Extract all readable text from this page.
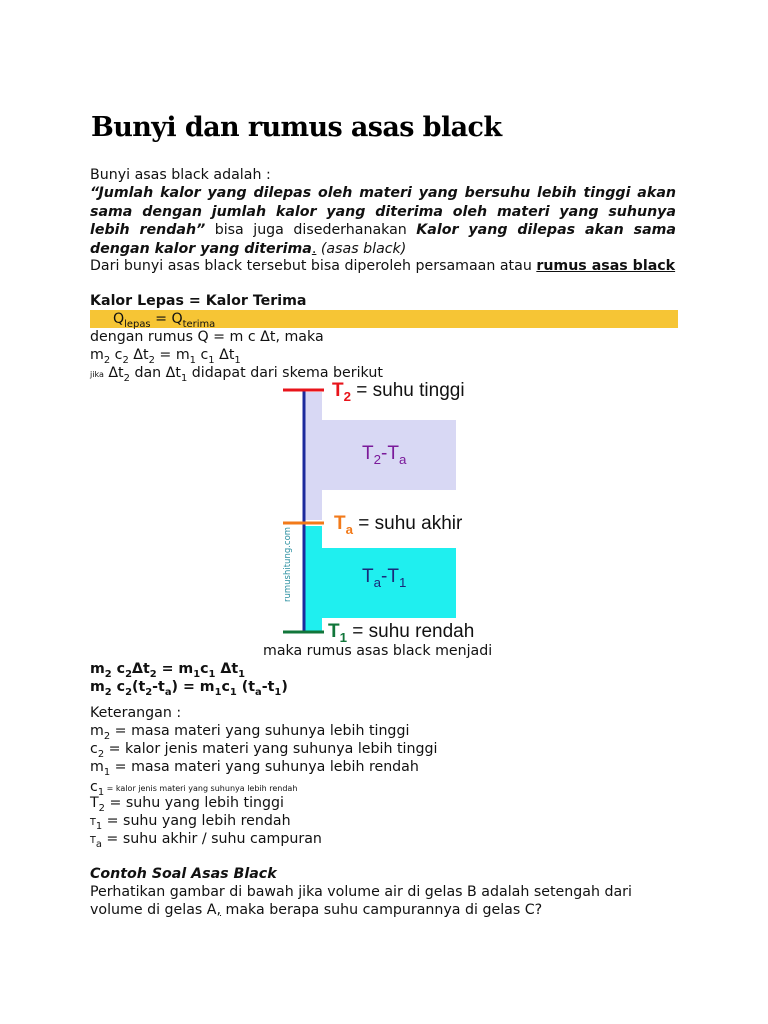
Bunyi dan rumus asas black
Bunyi asas black adalah :
“Jumlah kalor yang dilepas oleh materi yang bersuhu lebih tinggi akan sama dengan jumlah kalor yang diterima oleh materi yang suhunya lebih rendah” bisa juga disederhanakan Kalor yang dilepas akan sama dengan kalor yang diterima. (asas black)
Dari bunyi asas black tersebut bisa diperoleh persamaan atau rumus asas black
Kalor Lepas = Kalor Terima
$Q_{lepas} = Q_{terima}$
dengan rumus Q = m c Δt, maka
$m_2$ $c_2$ $\Delta t_2 = m_1$ $c_1$ $\Delta t_1$
jika $\Delta t_2$ dan $\Delta t_1$ didapat dari skema berikut
rumushitung.com
$T_2$ = suhu tinggi
$T_2-T_a$
$T_a$ = suhu akhir
$T_a-T_1$
$T_1$ = suhu rendah
maka rumus asas black menjadi
$m_2$ $c_2\Delta t_2 = m_1c_1$ $\Delta t_1$
$m_2$ $c_2(t_2-t_a) = m_1c_1$ $(t_a-t_1)$
Keterangan :
$m_2$ = masa materi yang suhunya lebih tinggi
$c_2$ = kalor jenis materi yang suhunya lebih tinggi
$m_1$ = masa materi yang suhunya lebih rendah
$c_1$ = kalor jenis materi yang suhunya lebih rendah
$T_2$ = suhu yang lebih tinggi
$T_1$ = suhu yang lebih rendah
$T_a$ = suhu akhir / suhu campuran
Contoh Soal Asas Black
Perhatikan gambar di bawah jika volume air di gelas B adalah setengah dari
volume di gelas A, maka berapa suhu campurannya di gelas C?
